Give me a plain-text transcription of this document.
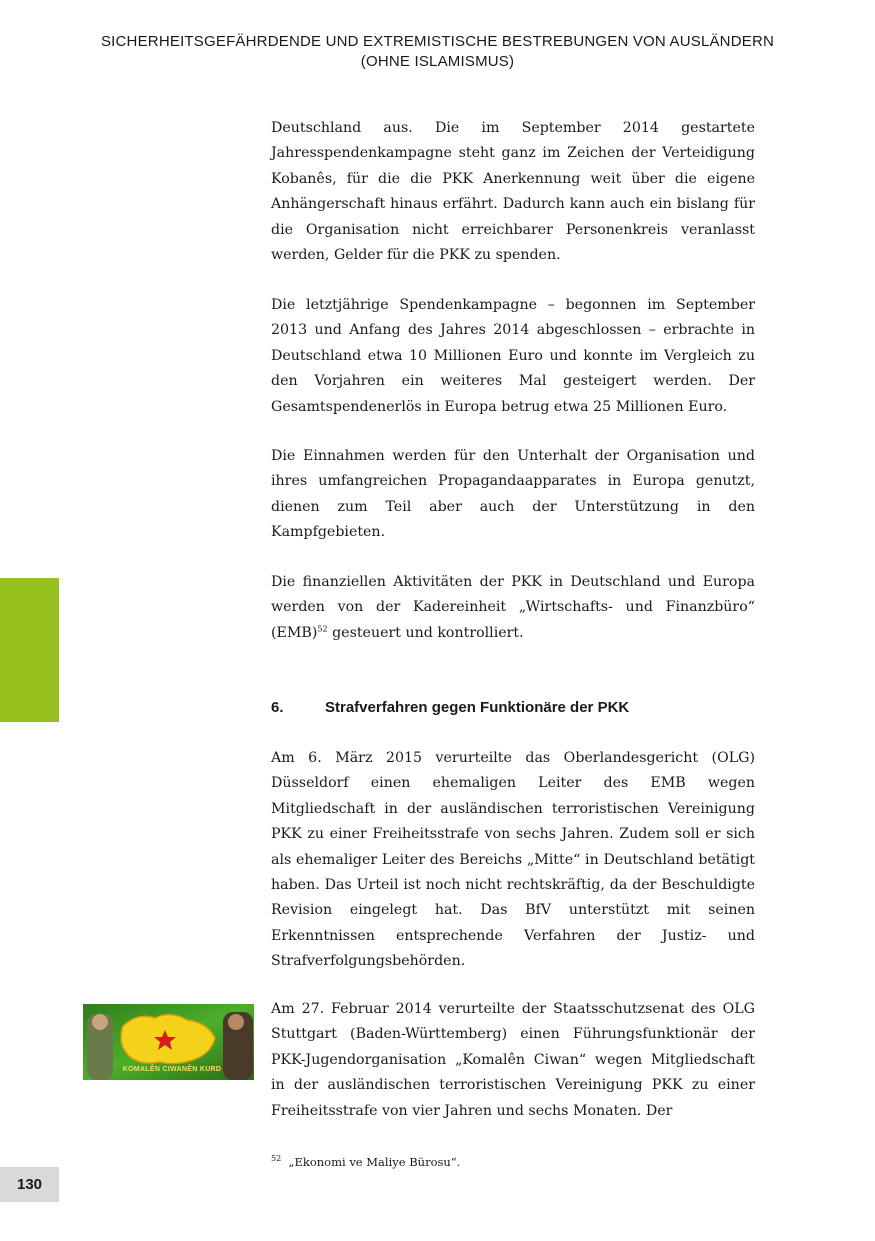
SICHERHEITSGEFÄHRDENDE UND EXTREMISTISCHE BESTREBUNGEN VON AUSLÄNDERN
(OHNE ISLAMISMUS)

Deutschland aus. Die im September 2014 gestartete Jahresspendenkampagne steht ganz im Zeichen der Verteidigung Kobanês, für die die PKK Anerkennung weit über die eigene Anhängerschaft hinaus erfährt. Dadurch kann auch ein bislang für die Organisation nicht erreichbarer Personenkreis veranlasst werden, Gelder für die PKK zu spenden.

Die letztjährige Spendenkampagne – begonnen im September 2013 und Anfang des Jahres 2014 abgeschlossen – erbrachte in Deutschland etwa 10 Millionen Euro und konnte im Vergleich zu den Vorjahren ein weiteres Mal gesteigert werden. Der Gesamtspendenerlös in Europa betrug etwa 25 Millionen Euro.

Die Einnahmen werden für den Unterhalt der Organisation und ihres umfangreichen Propagandaapparates in Europa genutzt, dienen zum Teil aber auch der Unterstützung in den Kampfgebieten.

Die finanziellen Aktivitäten der PKK in Deutschland und Europa werden von der Kadereinheit „Wirtschafts- und Finanzbüro“ (EMB)$^{52}$ gesteuert und kontrolliert.

6.	Strafverfahren gegen Funktionäre der PKK

Am 6. März 2015 verurteilte das Oberlandesgericht (OLG) Düsseldorf einen ehemaligen Leiter des EMB wegen Mitgliedschaft in der ausländischen terroristischen Vereinigung PKK zu einer Freiheitsstrafe von sechs Jahren. Zudem soll er sich als ehemaliger Leiter des Bereichs „Mitte“ in Deutschland betätigt haben. Das Urteil ist noch nicht rechtskräftig, da der Beschuldigte Revision eingelegt hat. Das BfV unterstützt mit seinen Erkenntnissen entsprechende Verfahren der Justiz- und Strafverfolgungsbehörden.

Am 27. Februar 2014 verurteilte der Staatsschutzsenat des OLG Stuttgart (Baden-Württemberg) einen Führungsfunktionär der PKK-Jugendorganisation „Komalên Ciwan“ wegen Mitgliedschaft in der ausländischen terroristischen Vereinigung PKK zu einer Freiheitsstrafe von vier Jahren und sechs Monaten. Der

KOMALÊN CIWANÊN KURD
$^{52}$ „Ekonomi ve Maliye Bürosu“.
130
